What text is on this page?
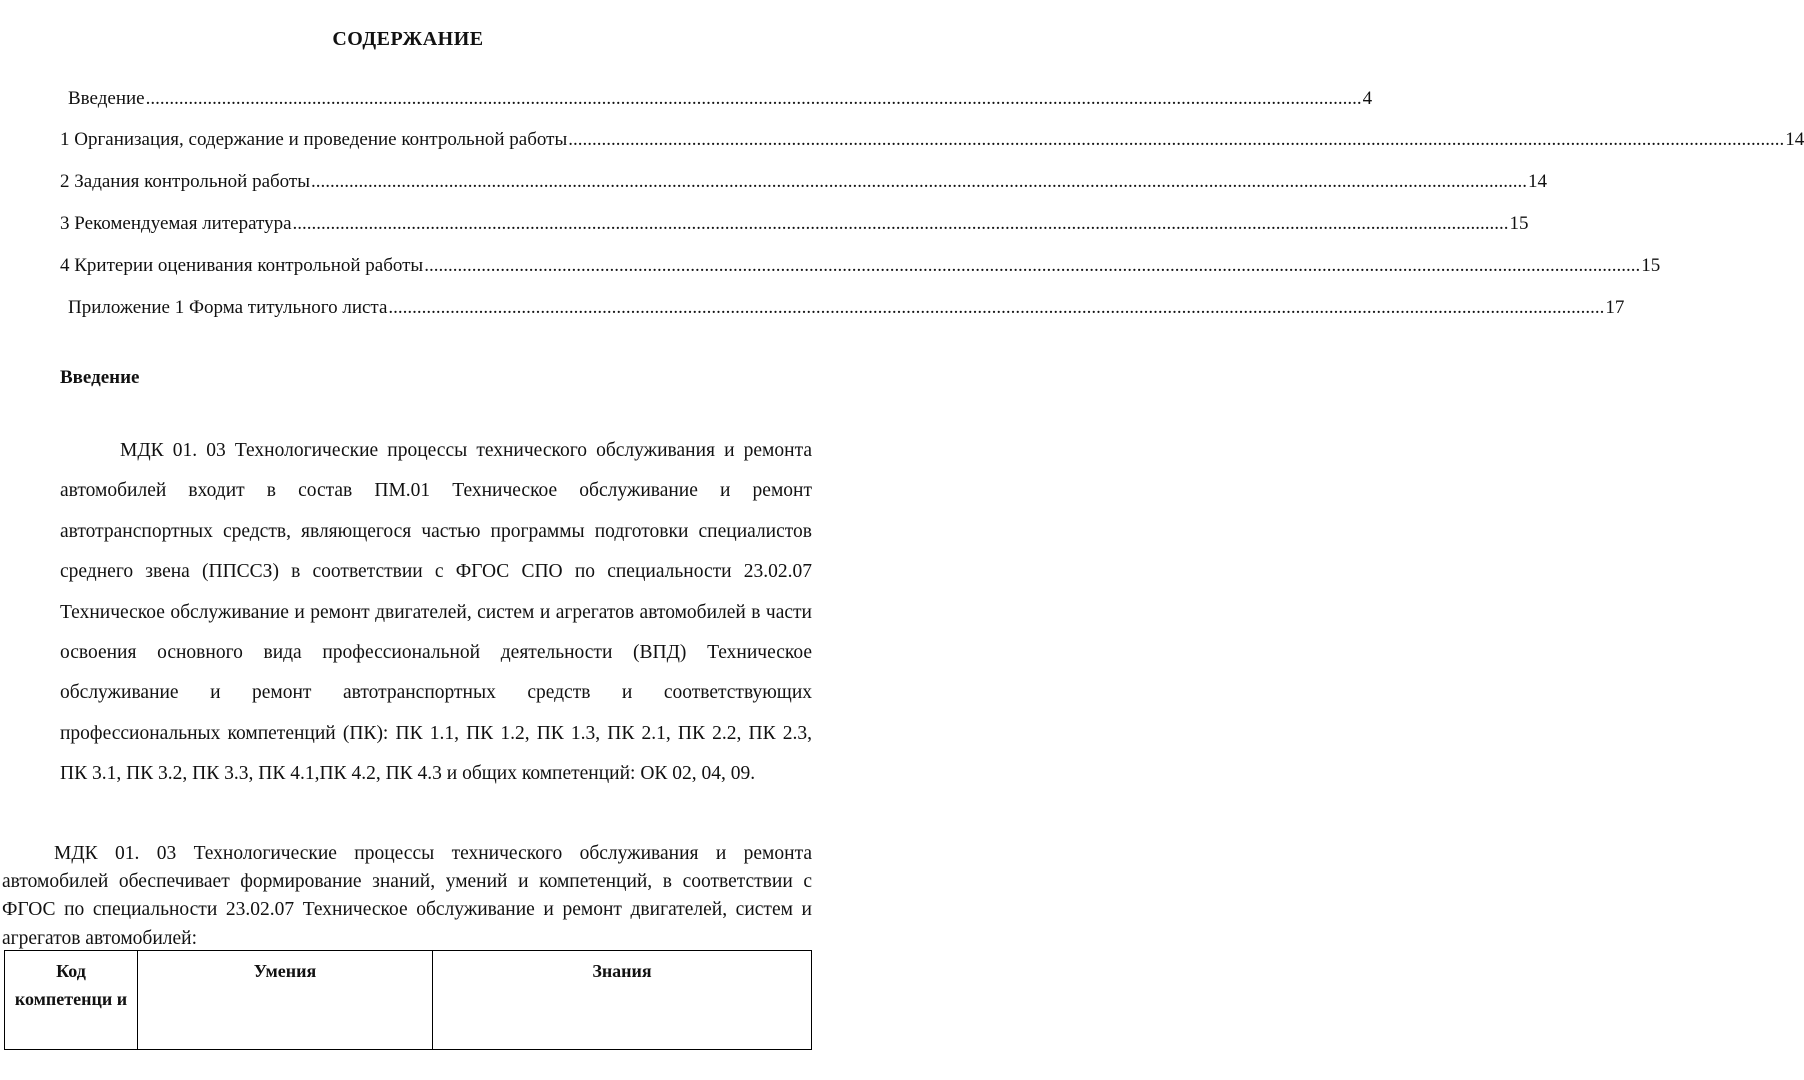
СОДЕРЖАНИЕ
Введение ................................................................................................................................................................................................................................................................ 4
1 Организация, содержание и проведение контрольной работы ................................................................................................................................................................................................................................................................ 14
2 Задания контрольной работы ................................................................................................................................................................................................................................................................ 14
3 Рекомендуемая литература ................................................................................................................................................................................................................................................................ 15
4 Критерии оценивания контрольной работы ................................................................................................................................................................................................................................................................ 15
Приложение 1 Форма титульного листа ................................................................................................................................................................................................................................................................ 17
Введение

МДК 01. 03 Технологические процессы технического обслуживания и ремонта автомобилей входит в состав ПМ.01 Техническое обслуживание и ремонт автотранспортных средств, являющегося частью программы подготовки специалистов среднего звена (ППССЗ) в соответствии с ФГОС СПО по специальности 23.02.07 Техническое обслуживание и ремонт двигателей, систем и агрегатов автомобилей в части освоения основного вида профессиональной деятельности (ВПД) Техническое обслуживание и ремонт автотранспортных средств и соответствующих профессиональных компетенций (ПК): ПК 1.1, ПК 1.2, ПК 1.3, ПК 2.1, ПК 2.2, ПК 2.3, ПК 3.1, ПК 3.2, ПК 3.3, ПК 4.1,ПК 4.2, ПК 4.3 и общих компетенций: ОК 02, 04, 09.

МДК 01. 03 Технологические процессы технического обслуживания и ремонта автомобилей обеспечивает формирование знаний, умений и компетенций, в соответствии с ФГОС по специальности 23.02.07 Техническое обслуживание и ремонт двигателей, систем и агрегатов автомобилей:

Код компетенци и	Умения	Знания
